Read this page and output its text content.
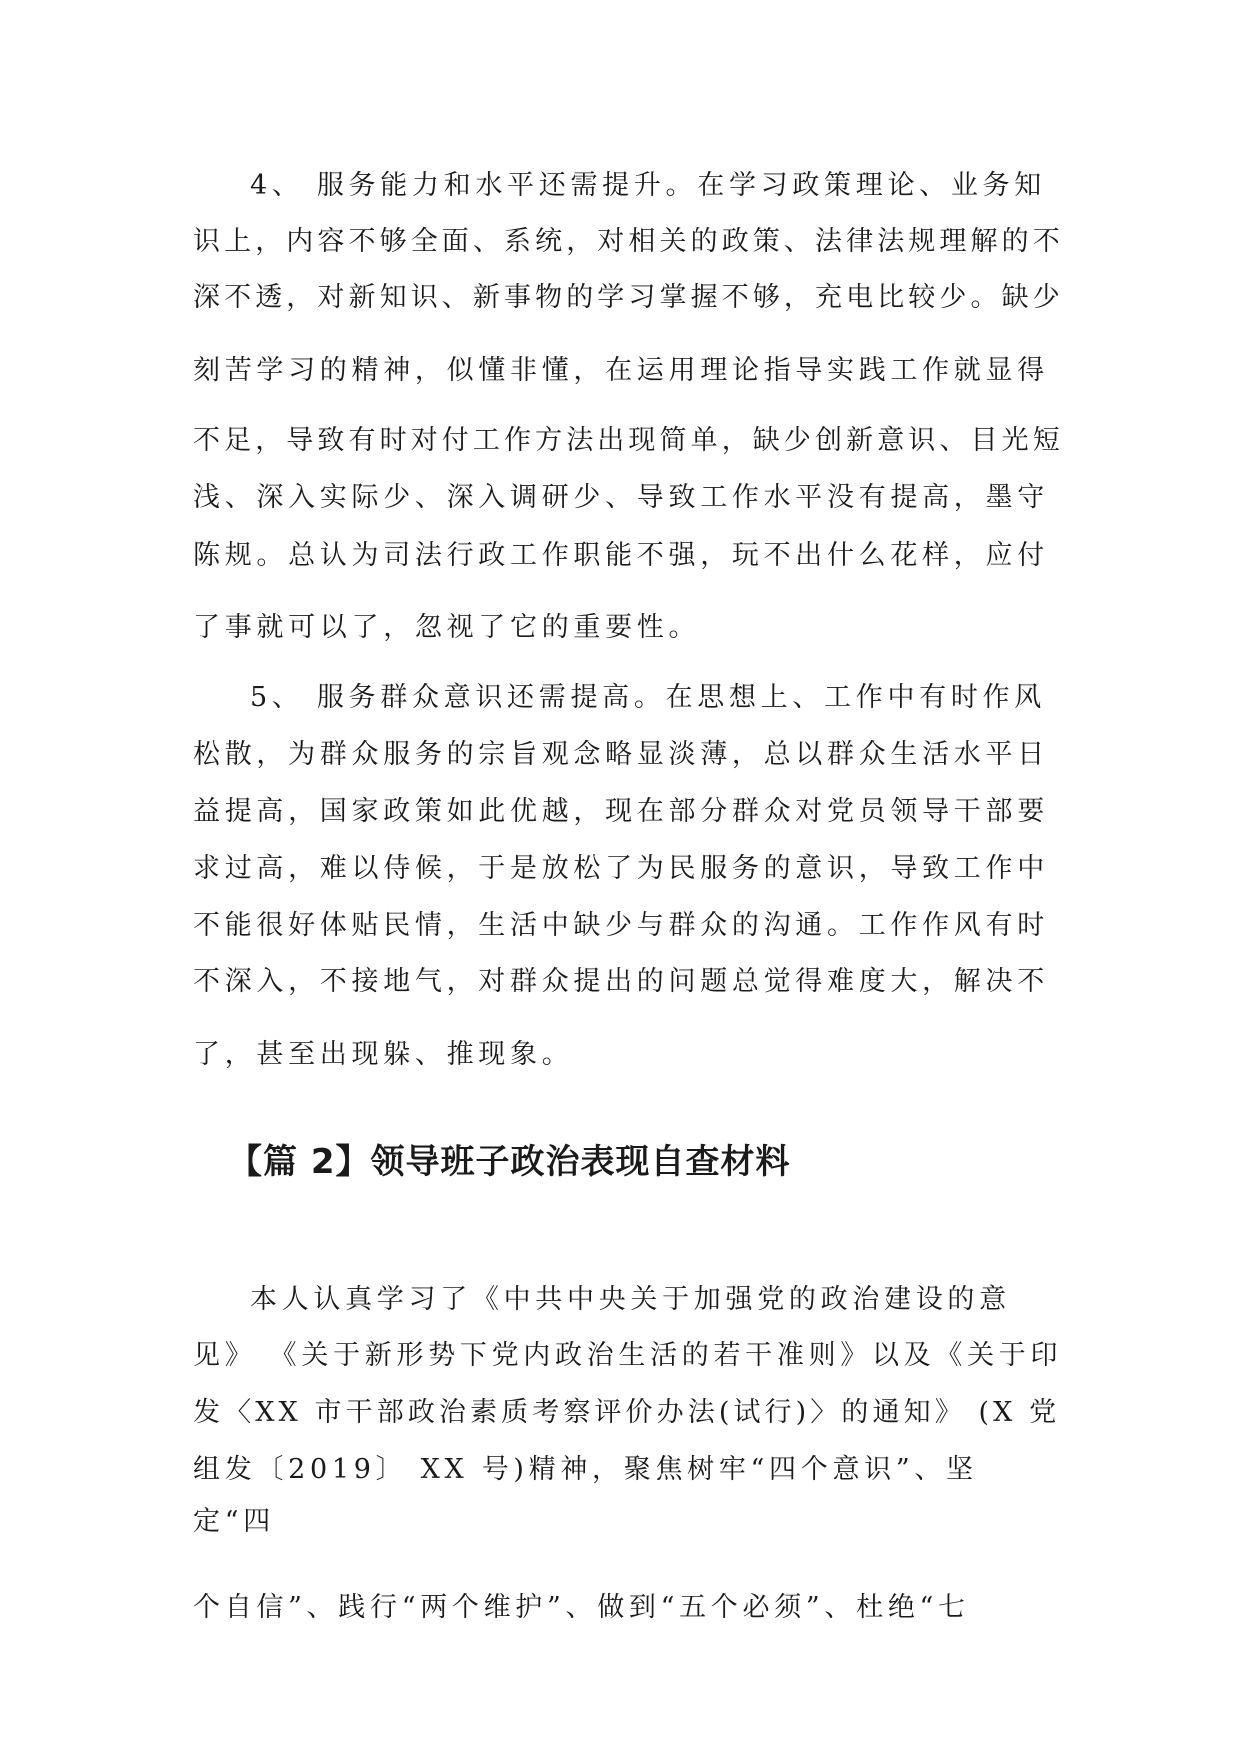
4、 服务能力和水平还需提升。在学习政策理论、业务知
识上，内容不够全面、系统，对相关的政策、法律法规理解的不
深不透，对新知识、新事物的学习掌握不够，充电比较少。缺少
刻苦学习的精神，似懂非懂，在运用理论指导实践工作就显得
不足，导致有时对付工作方法出现简单，缺少创新意识、目光短
浅、深入实际少、深入调研少、导致工作水平没有提高，墨守
陈规。总认为司法行政工作职能不强，玩不出什么花样，应付
了事就可以了，忽视了它的重要性。
5、 服务群众意识还需提高。在思想上、工作中有时作风
松散，为群众服务的宗旨观念略显淡薄，总以群众生活水平日
益提高，国家政策如此优越，现在部分群众对党员领导干部要
求过高，难以侍候，于是放松了为民服务的意识，导致工作中
不能很好体贴民情，生活中缺少与群众的沟通。工作作风有时
不深入，不接地气，对群众提出的问题总觉得难度大，解决不
了，甚至出现躲、推现象。
【篇 2】领导班子政治表现自查材料
本人认真学习了《中共中央关于加强党的政治建设的意
见》 《关于新形势下党内政治生活的若干准则》以及《关于印
发〈XX 市干部政治素质考察评价办法(试行)〉的通知》 (X 党
组发〔2019〕 XX 号)精神，聚焦树牢“四个意识”、坚
定“四
个自信”、践行“两个维护”、做到“五个必须”、杜绝“七
